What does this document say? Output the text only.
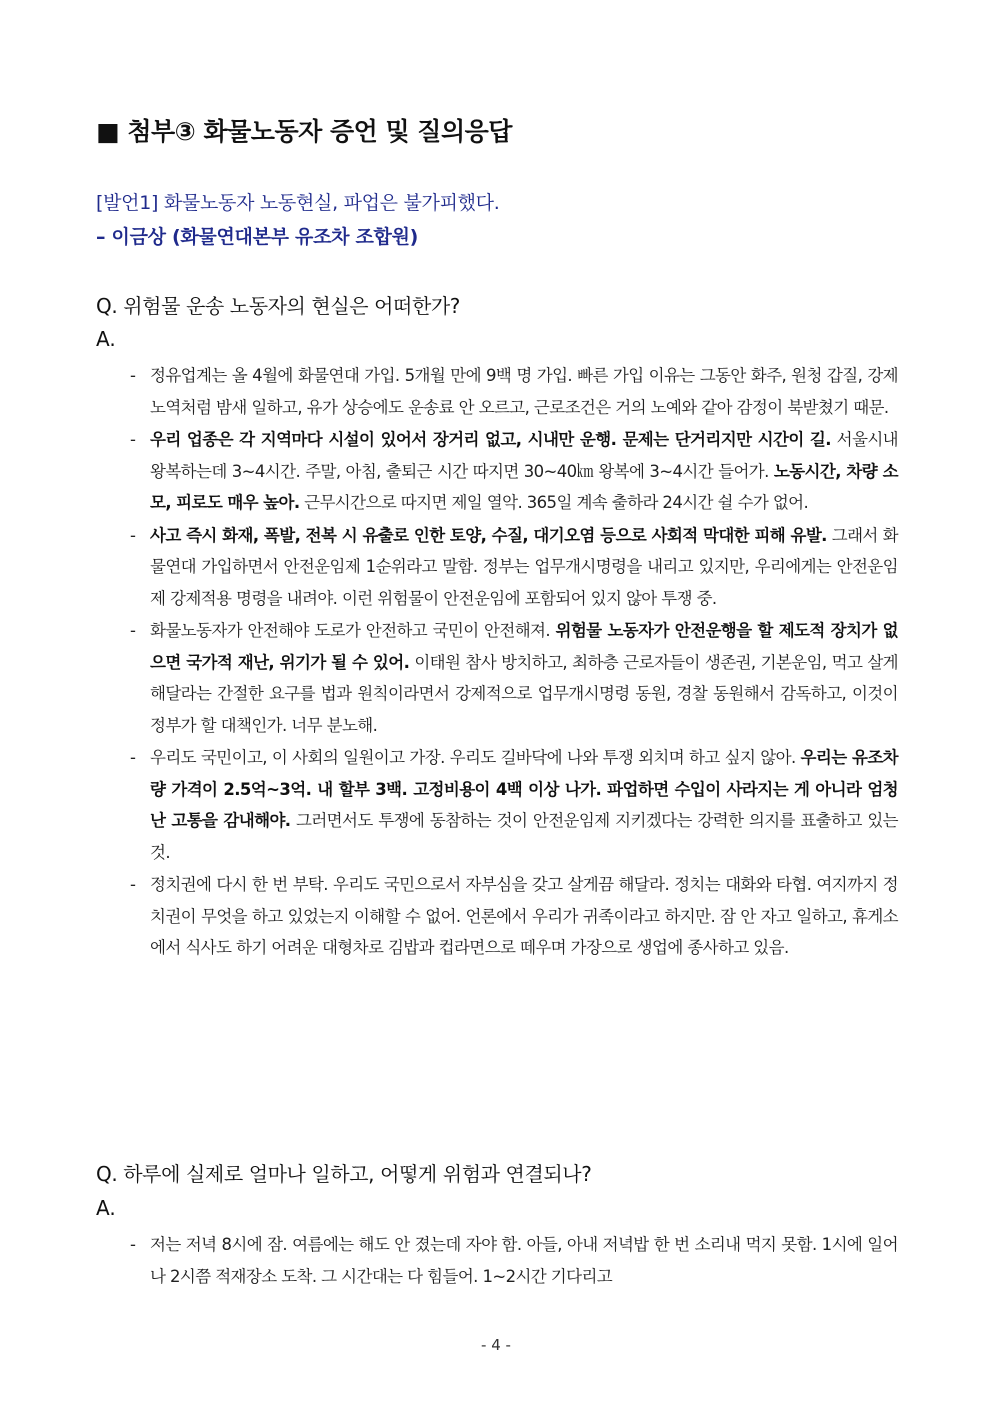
■ 첨부③ 화물노동자 증언 및 질의응답
[발언1] 화물노동자 노동현실, 파업은 불가피했다.
– 이금상 (화물연대본부 유조차 조합원)
Q. 위험물 운송 노동자의 현실은 어떠한가?
A.
- 정유업계는 올 4월에 화물연대 가입. 5개월 만에 9백 명 가입. 빠른 가입 이유는 그동안 화주, 원청 갑질, 강제노역처럼 밤새 일하고, 유가 상승에도 운송료 안 오르고, 근로조건은 거의 노예와 같아 감정이 북받쳤기 때문.
- 우리 업종은 각 지역마다 시설이 있어서 장거리 없고, 시내만 운행. 문제는 단거리지만 시간이 길. 서울시내 왕복하는데 3~4시간. 주말, 아침, 출퇴근 시간 따지면 30~40㎞ 왕복에 3~4시간 들어가. 노동시간, 차량 소모, 피로도 매우 높아. 근무시간으로 따지면 제일 열악. 365일 계속 출하라 24시간 쉴 수가 없어.
- 사고 즉시 화재, 폭발, 전복 시 유출로 인한 토양, 수질, 대기오염 등으로 사회적 막대한 피해 유발. 그래서 화물연대 가입하면서 안전운임제 1순위라고 말함. 정부는 업무개시명령을 내리고 있지만, 우리에게는 안전운임제 강제적용 명령을 내려야. 이런 위험물이 안전운임에 포함되어 있지 않아 투쟁 중.
- 화물노동자가 안전해야 도로가 안전하고 국민이 안전해져. 위험물 노동자가 안전운행을 할 제도적 장치가 없으면 국가적 재난, 위기가 될 수 있어. 이태원 참사 방치하고, 최하층 근로자들이 생존권, 기본운임, 먹고 살게 해달라는 간절한 요구를 법과 원칙이라면서 강제적으로 업무개시명령 동원, 경찰 동원해서 감독하고, 이것이 정부가 할 대책인가. 너무 분노해.
- 우리도 국민이고, 이 사회의 일원이고 가장. 우리도 길바닥에 나와 투쟁 외치며 하고 싶지 않아. 우리는 유조차량 가격이 2.5억~3억. 내 할부 3백. 고정비용이 4백 이상 나가. 파업하면 수입이 사라지는 게 아니라 엄청난 고통을 감내해야. 그러면서도 투쟁에 동참하는 것이 안전운임제 지키겠다는 강력한 의지를 표출하고 있는 것.
- 정치권에 다시 한 번 부탁. 우리도 국민으로서 자부심을 갖고 살게끔 해달라. 정치는 대화와 타협. 여지까지 정치권이 무엇을 하고 있었는지 이해할 수 없어. 언론에서 우리가 귀족이라고 하지만. 잠 안 자고 일하고, 휴게소에서 식사도 하기 어려운 대형차로 김밥과 컵라면으로 떼우며 가장으로 생업에 종사하고 있음.
Q. 하루에 실제로 얼마나 일하고, 어떻게 위험과 연결되나?
A.
- 저는 저녁 8시에 잠. 여름에는 해도 안 졌는데 자야 함. 아들, 아내 저녁밥 한 번 소리내 먹지 못함. 1시에 일어나 2시쯤 적재장소 도착. 그 시간대는 다 힘들어. 1~2시간 기다리고
- 4 -
